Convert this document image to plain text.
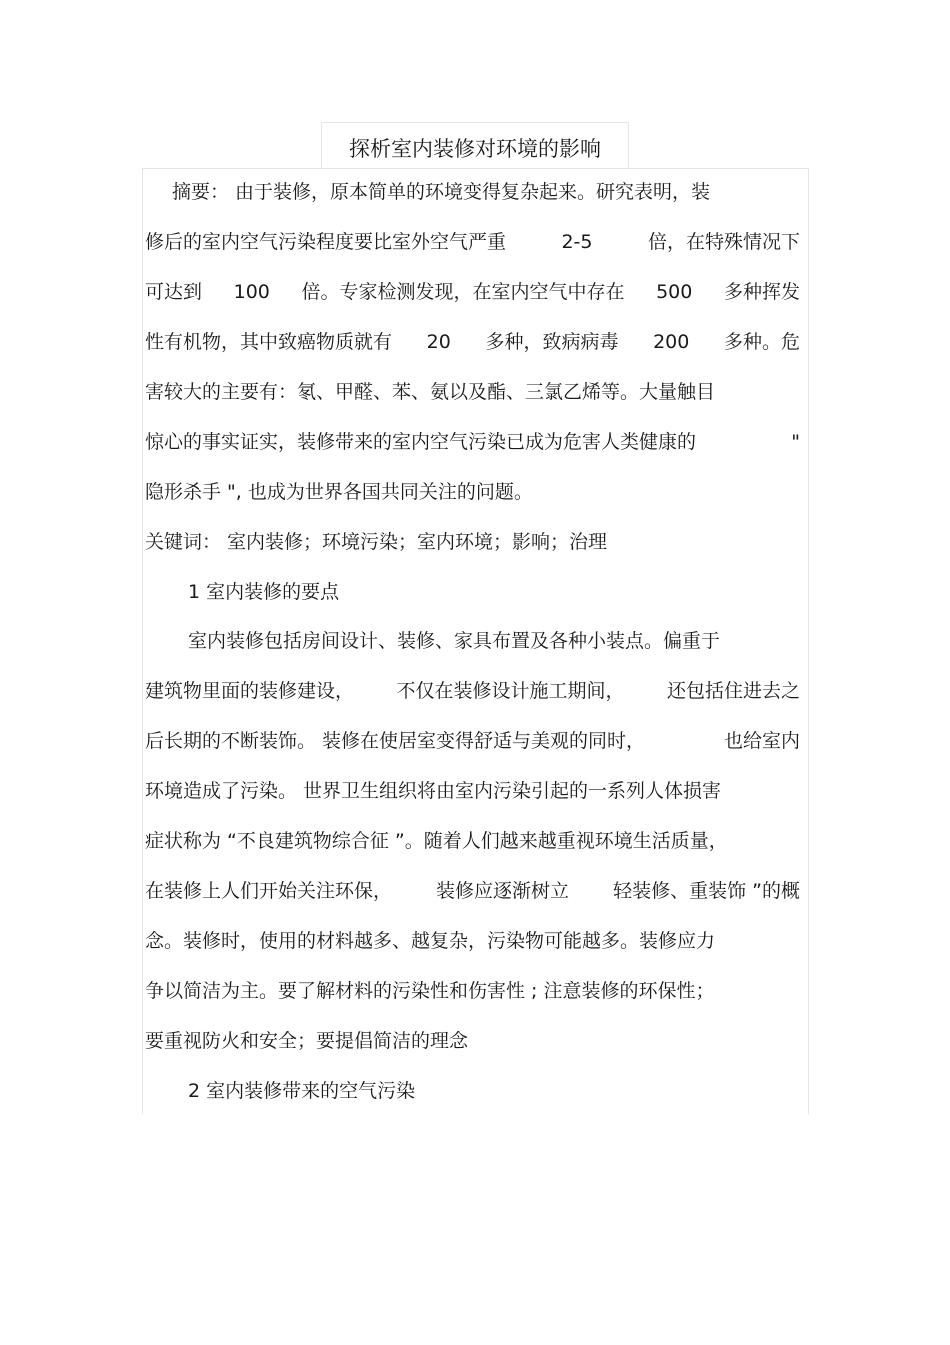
探析室内装修对环境的影响
摘要： 由于装修，原本简单的环境变得复杂起来。研究表明，装
修后的室内空气污染程度要比室外空气严重	2-5	倍，在特殊情况下
可达到 100 倍。专家检测发现，在室内空气中存在 500 多种挥发
性有机物，其中致癌物质就有 20 多种，致病病毒 200 多种。危
害较大的主要有：氡、甲醛、苯、氨以及酯、三氯乙烯等。大量触目
惊心的事实证实，装修带来的室内空气污染已成为危害人类健康的	"
隐形杀手 ", 也成为世界各国共同关注的问题。
关键词： 室内装修；环境污染；室内环境；影响；治理
1 室内装修的要点
室内装修包括房间设计、装修、家具布置及各种小装点。偏重于
建筑物里面的装修建设， 不仅在装修设计施工期间， 还包括住进去之
后长期的不断装饰。 装修在使居室变得舒适与美观的同时，	也给室内
环境造成了污染。 世界卫生组织将由室内污染引起的一系列人体损害
症状称为 “不良建筑物综合征 ”。随着人们越来越重视环境生活质量，
在装修上人们开始关注环保， 装修应逐渐树立 轻装修、重装饰 ”的概
念。装修时，使用的材料越多、越复杂，污染物可能越多。装修应力
争以简洁为主。要了解材料的污染性和伤害性 ; 注意装修的环保性；
要重视防火和安全；要提倡简洁的理念
2 室内装修带来的空气污染
